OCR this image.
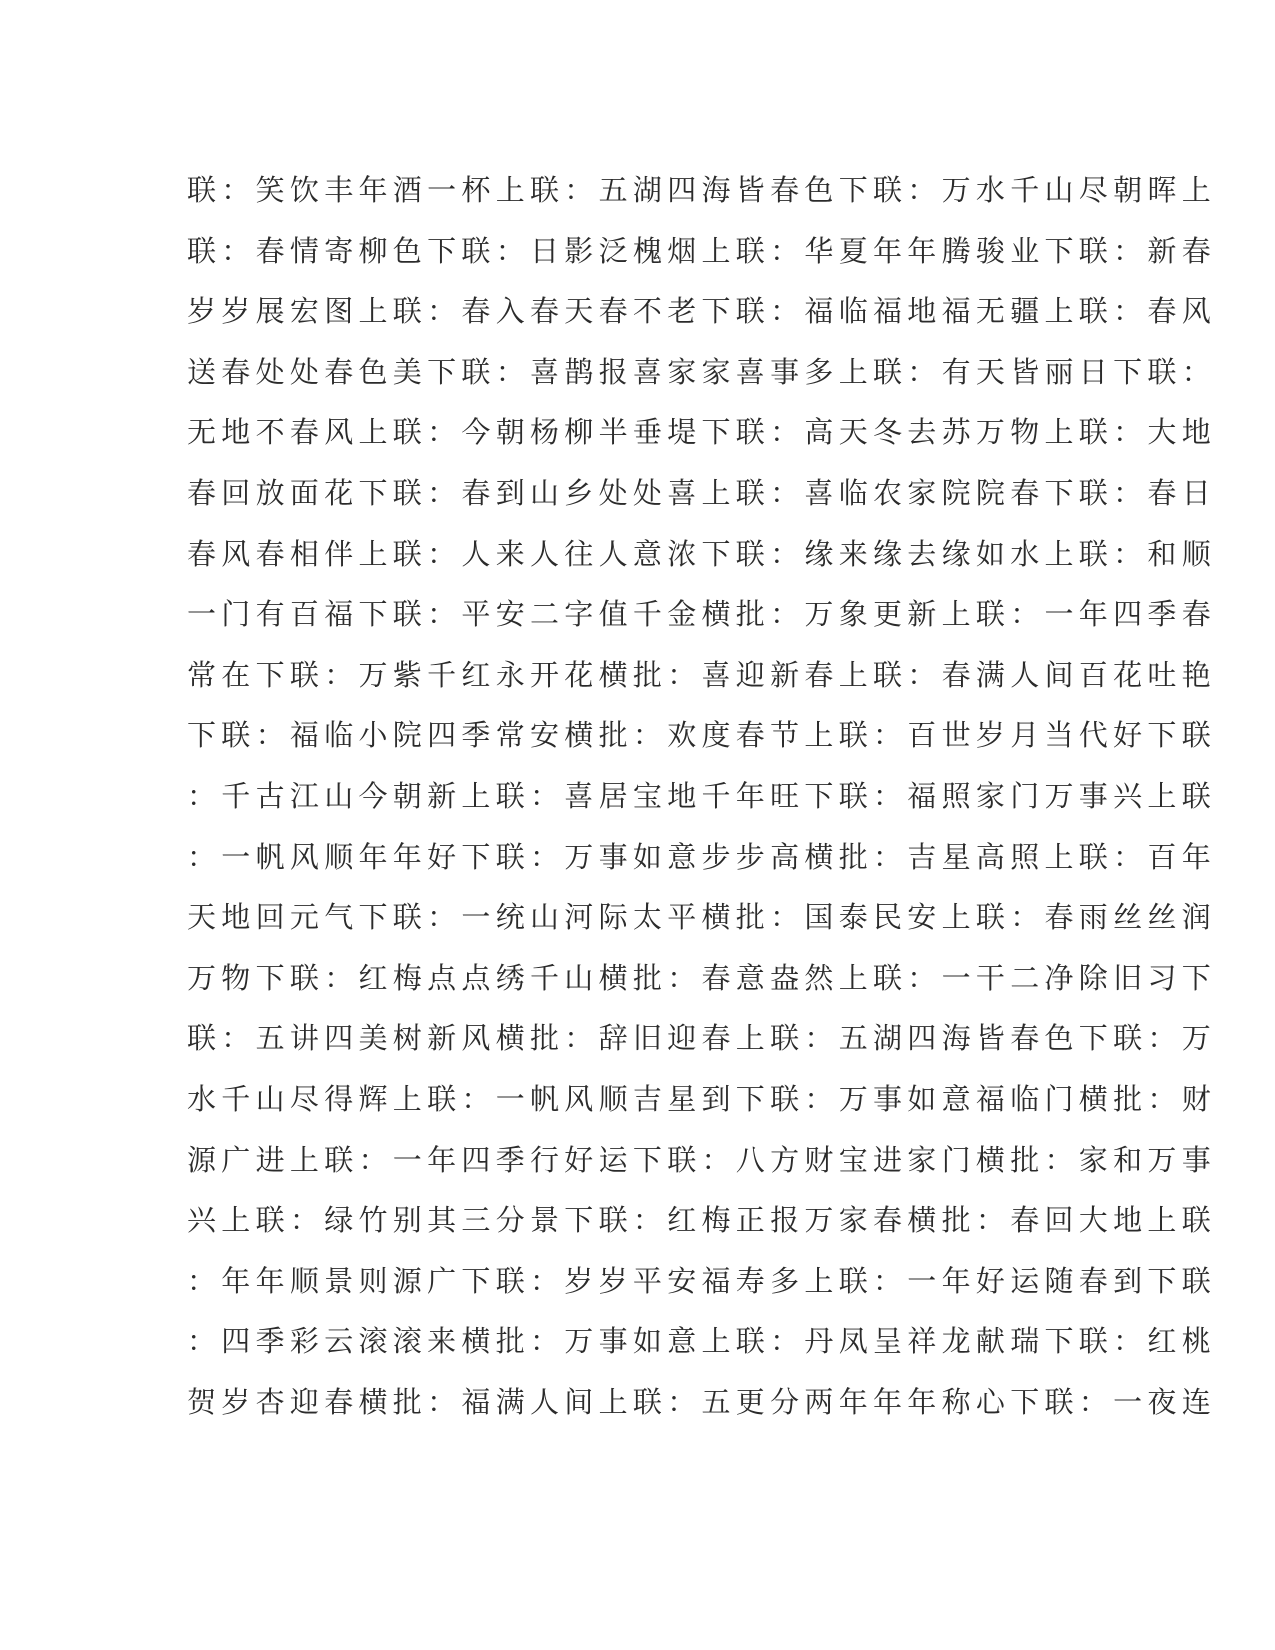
联：笑饮丰年酒一杯上联：五湖四海皆春色下联：万水千山尽朝晖上
联：春情寄柳色下联：日影泛槐烟上联：华夏年年腾骏业下联：新春
岁岁展宏图上联：春入春天春不老下联：福临福地福无疆上联：春风
送春处处春色美下联：喜鹊报喜家家喜事多上联：有天皆丽日下联：
无地不春风上联：今朝杨柳半垂堤下联：高天冬去苏万物上联：大地
春回放面花下联：春到山乡处处喜上联：喜临农家院院春下联：春日
春风春相伴上联：人来人往人意浓下联：缘来缘去缘如水上联：和顺
一门有百福下联：平安二字值千金横批：万象更新上联：一年四季春
常在下联：万紫千红永开花横批：喜迎新春上联：春满人间百花吐艳
下联：福临小院四季常安横批：欢度春节上联：百世岁月当代好下联
：千古江山今朝新上联：喜居宝地千年旺下联：福照家门万事兴上联
：一帆风顺年年好下联：万事如意步步高横批：吉星高照上联：百年
天地回元气下联：一统山河际太平横批：国泰民安上联：春雨丝丝润
万物下联：红梅点点绣千山横批：春意盎然上联：一干二净除旧习下
联：五讲四美树新风横批：辞旧迎春上联：五湖四海皆春色下联：万
水千山尽得辉上联：一帆风顺吉星到下联：万事如意福临门横批：财
源广进上联：一年四季行好运下联：八方财宝进家门横批：家和万事
兴上联：绿竹别其三分景下联：红梅正报万家春横批：春回大地上联
：年年顺景则源广下联：岁岁平安福寿多上联：一年好运随春到下联
：四季彩云滚滚来横批：万事如意上联：丹凤呈祥龙献瑞下联：红桃
贺岁杏迎春横批：福满人间上联：五更分两年年年称心下联：一夜连
